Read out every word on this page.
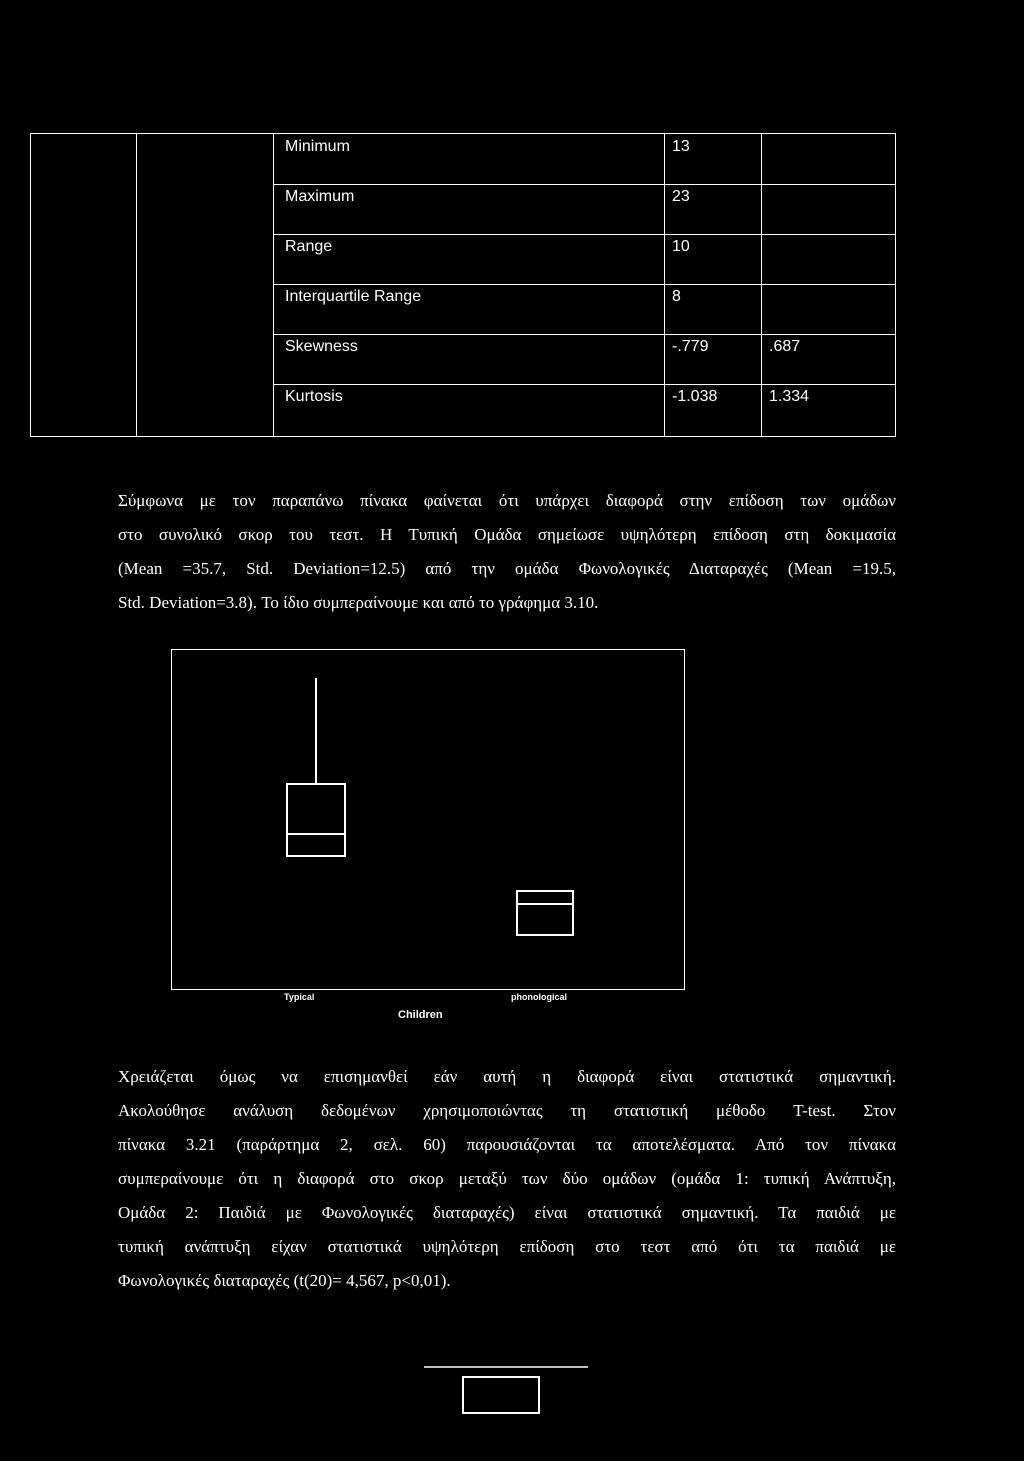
Minimum	13
Maximum	23
Range	10
Interquartile Range	8
Skewness	-.779	.687
Kurtosis	-1.038	1.334

Σύμφωνα με τον παραπάνω πίνακα φαίνεται ότι υπάρχει διαφορά στην επίδοση των ομάδων

στο συνολικό σκορ του τεστ. Η Τυπική Ομάδα σημείωσε υψηλότερη επίδοση στη δοκιμασία

(Mean =35.7, Std. Deviation=12.5) από την ομάδα Φωνολογικές Διαταραχές (Mean =19.5,

Std. Deviation=3.8). Το ίδιο συμπεραίνουμε και από το γράφημα 3.10.

Typical	phonological
Children

Χρειάζεται όμως να επισημανθεί εάν αυτή η διαφορά είναι στατιστικά σημαντική.

Ακολούθησε ανάλυση δεδομένων χρησιμοποιώντας τη στατιστική μέθοδο T-test. Στον

πίνακα 3.21 (παράρτημα 2, σελ. 60) παρουσιάζονται τα αποτελέσματα. Από τον πίνακα

συμπεραίνουμε ότι η διαφορά στο σκορ μεταξύ των δύο ομάδων (ομάδα 1: τυπική Ανάπτυξη,

Ομάδα 2: Παιδιά με Φωνολογικές διαταραχές) είναι στατιστικά σημαντική. Τα παιδιά με

τυπική ανάπτυξη είχαν στατιστικά υψηλότερη επίδοση στο τεστ από ότι τα παιδιά με

Φωνολογικές διαταραχές (t(20)= 4,567, p<0,01).
